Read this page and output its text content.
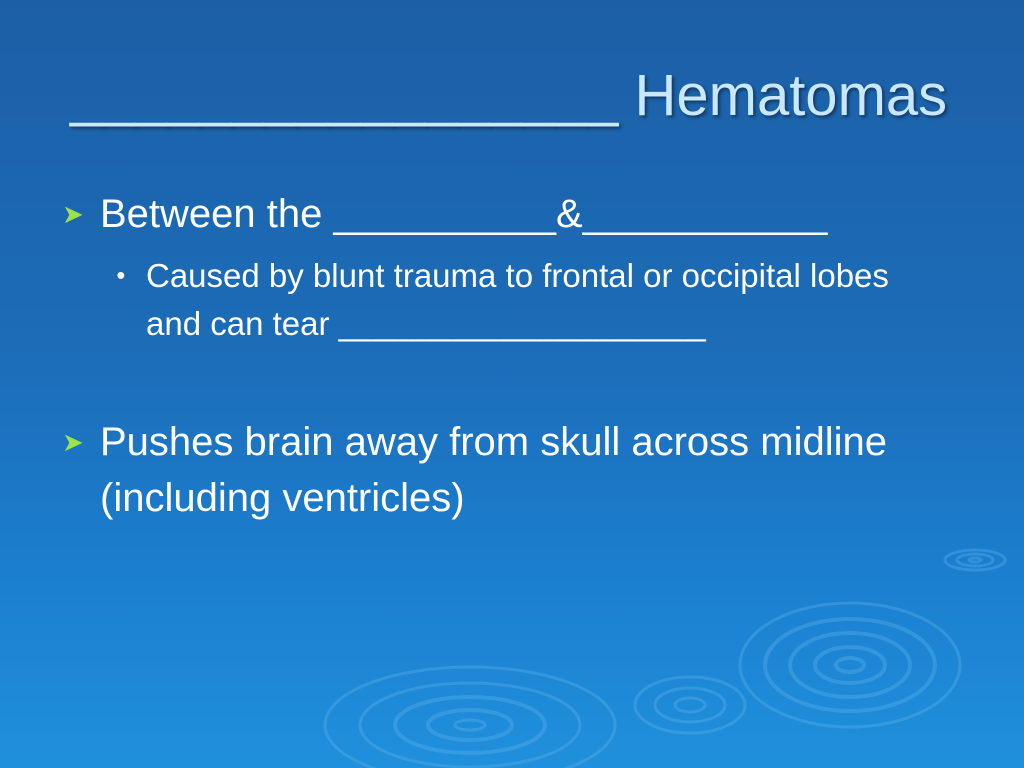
_________________ Hematomas
➤ Between the __________&___________
● Caused by blunt trauma to frontal or occipital lobes and can tear ____________________
➤ Pushes brain away from skull across midline (including ventricles)
